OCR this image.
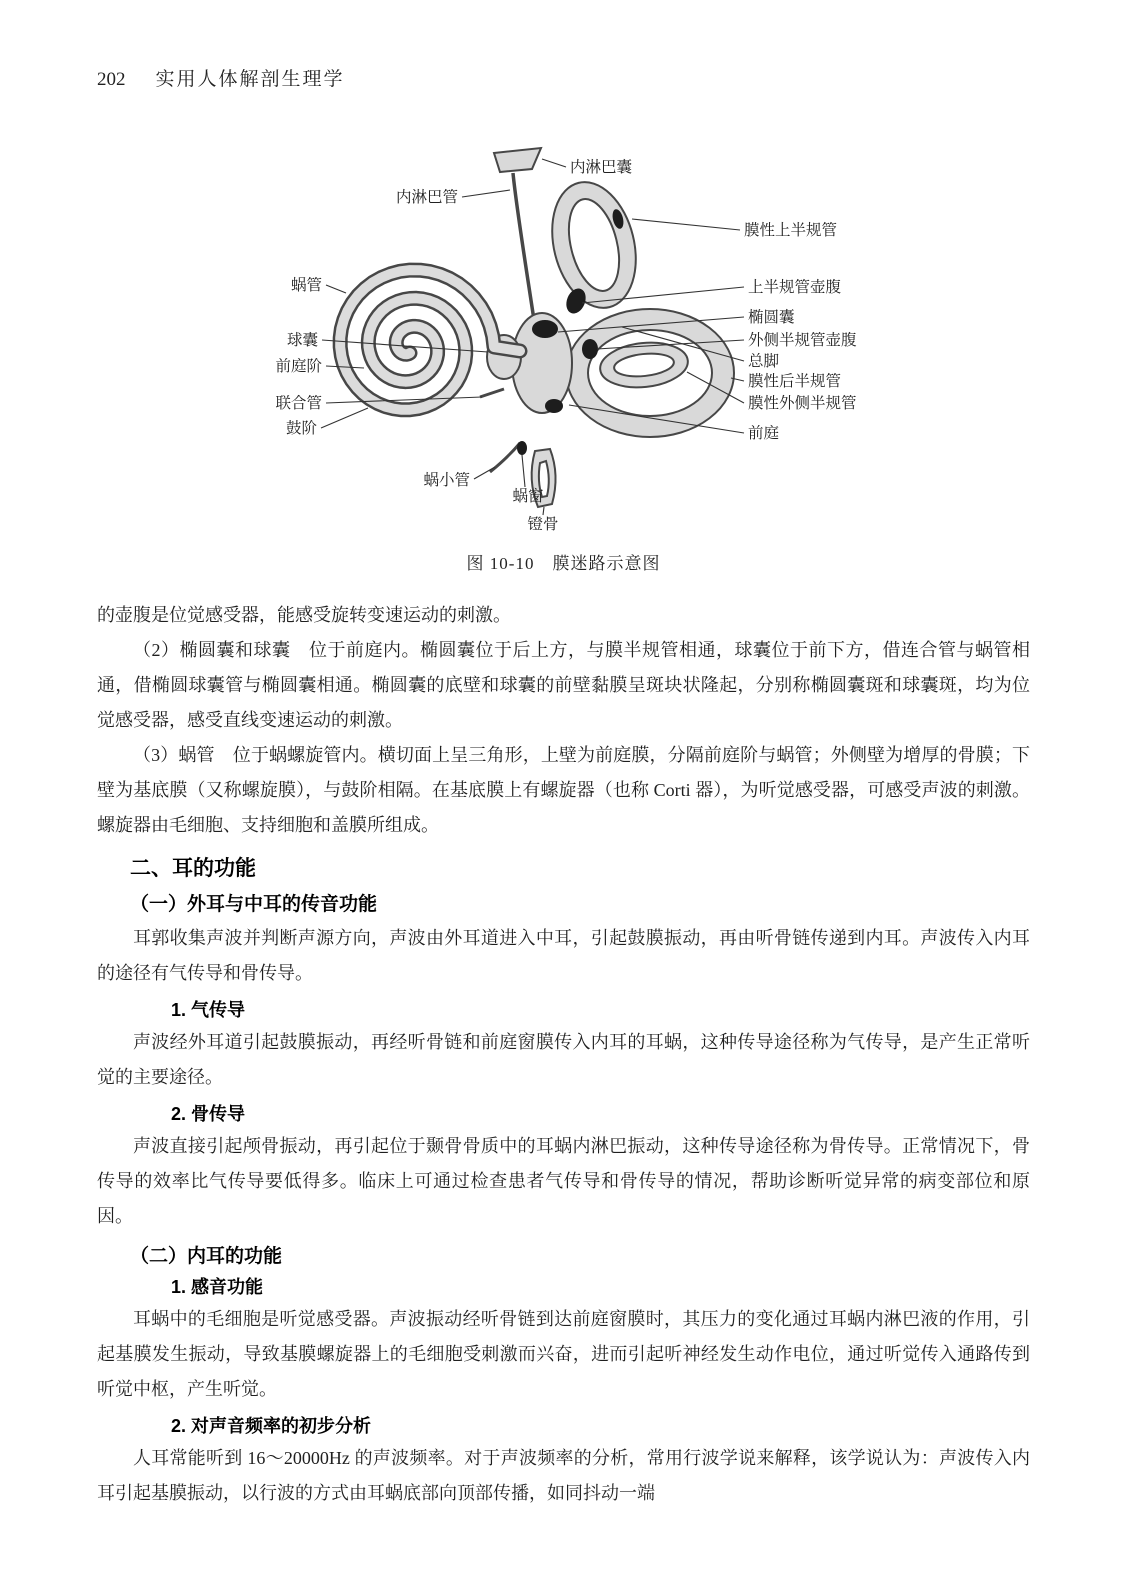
202 实用人体解剖生理学
内淋巴管
蜗管
球囊
前庭阶
联合管
鼓阶
蜗小管
蜗窗
镫骨
内淋巴囊
膜性上半规管
上半规管壶腹
椭圆囊
外侧半规管壶腹
总脚
膜性后半规管
膜性外侧半规管
前庭
图 10-10　膜迷路示意图

的壶腹是位觉感受器，能感受旋转变速运动的刺激。

（2）椭圆囊和球囊　位于前庭内。椭圆囊位于后上方，与膜半规管相通，球囊位于前下方，借连合管与蜗管相通，借椭圆球囊管与椭圆囊相通。椭圆囊的底壁和球囊的前壁黏膜呈斑块状隆起，分别称椭圆囊斑和球囊斑，均为位觉感受器，感受直线变速运动的刺激。

（3）蜗管　位于蜗螺旋管内。横切面上呈三角形，上壁为前庭膜，分隔前庭阶与蜗管；外侧壁为增厚的骨膜；下壁为基底膜（又称螺旋膜），与鼓阶相隔。在基底膜上有螺旋器（也称 Corti 器），为听觉感受器，可感受声波的刺激。螺旋器由毛细胞、支持细胞和盖膜所组成。

二、耳的功能
（一）外耳与中耳的传音功能

耳郭收集声波并判断声源方向，声波由外耳道进入中耳，引起鼓膜振动，再由听骨链传递到内耳。声波传入内耳的途径有气传导和骨传导。

1. 气传导

声波经外耳道引起鼓膜振动，再经听骨链和前庭窗膜传入内耳的耳蜗，这种传导途径称为气传导，是产生正常听觉的主要途径。

2. 骨传导

声波直接引起颅骨振动，再引起位于颞骨骨质中的耳蜗内淋巴振动，这种传导途径称为骨传导。正常情况下，骨传导的效率比气传导要低得多。临床上可通过检查患者气传导和骨传导的情况，帮助诊断听觉异常的病变部位和原因。

（二）内耳的功能
1. 感音功能

耳蜗中的毛细胞是听觉感受器。声波振动经听骨链到达前庭窗膜时，其压力的变化通过耳蜗内淋巴液的作用，引起基膜发生振动，导致基膜螺旋器上的毛细胞受刺激而兴奋，进而引起听神经发生动作电位，通过听觉传入通路传到听觉中枢，产生听觉。

2. 对声音频率的初步分析

人耳常能听到 16～20000Hz 的声波频率。对于声波频率的分析，常用行波学说来解释，该学说认为：声波传入内耳引起基膜振动，以行波的方式由耳蜗底部向顶部传播，如同抖动一端
